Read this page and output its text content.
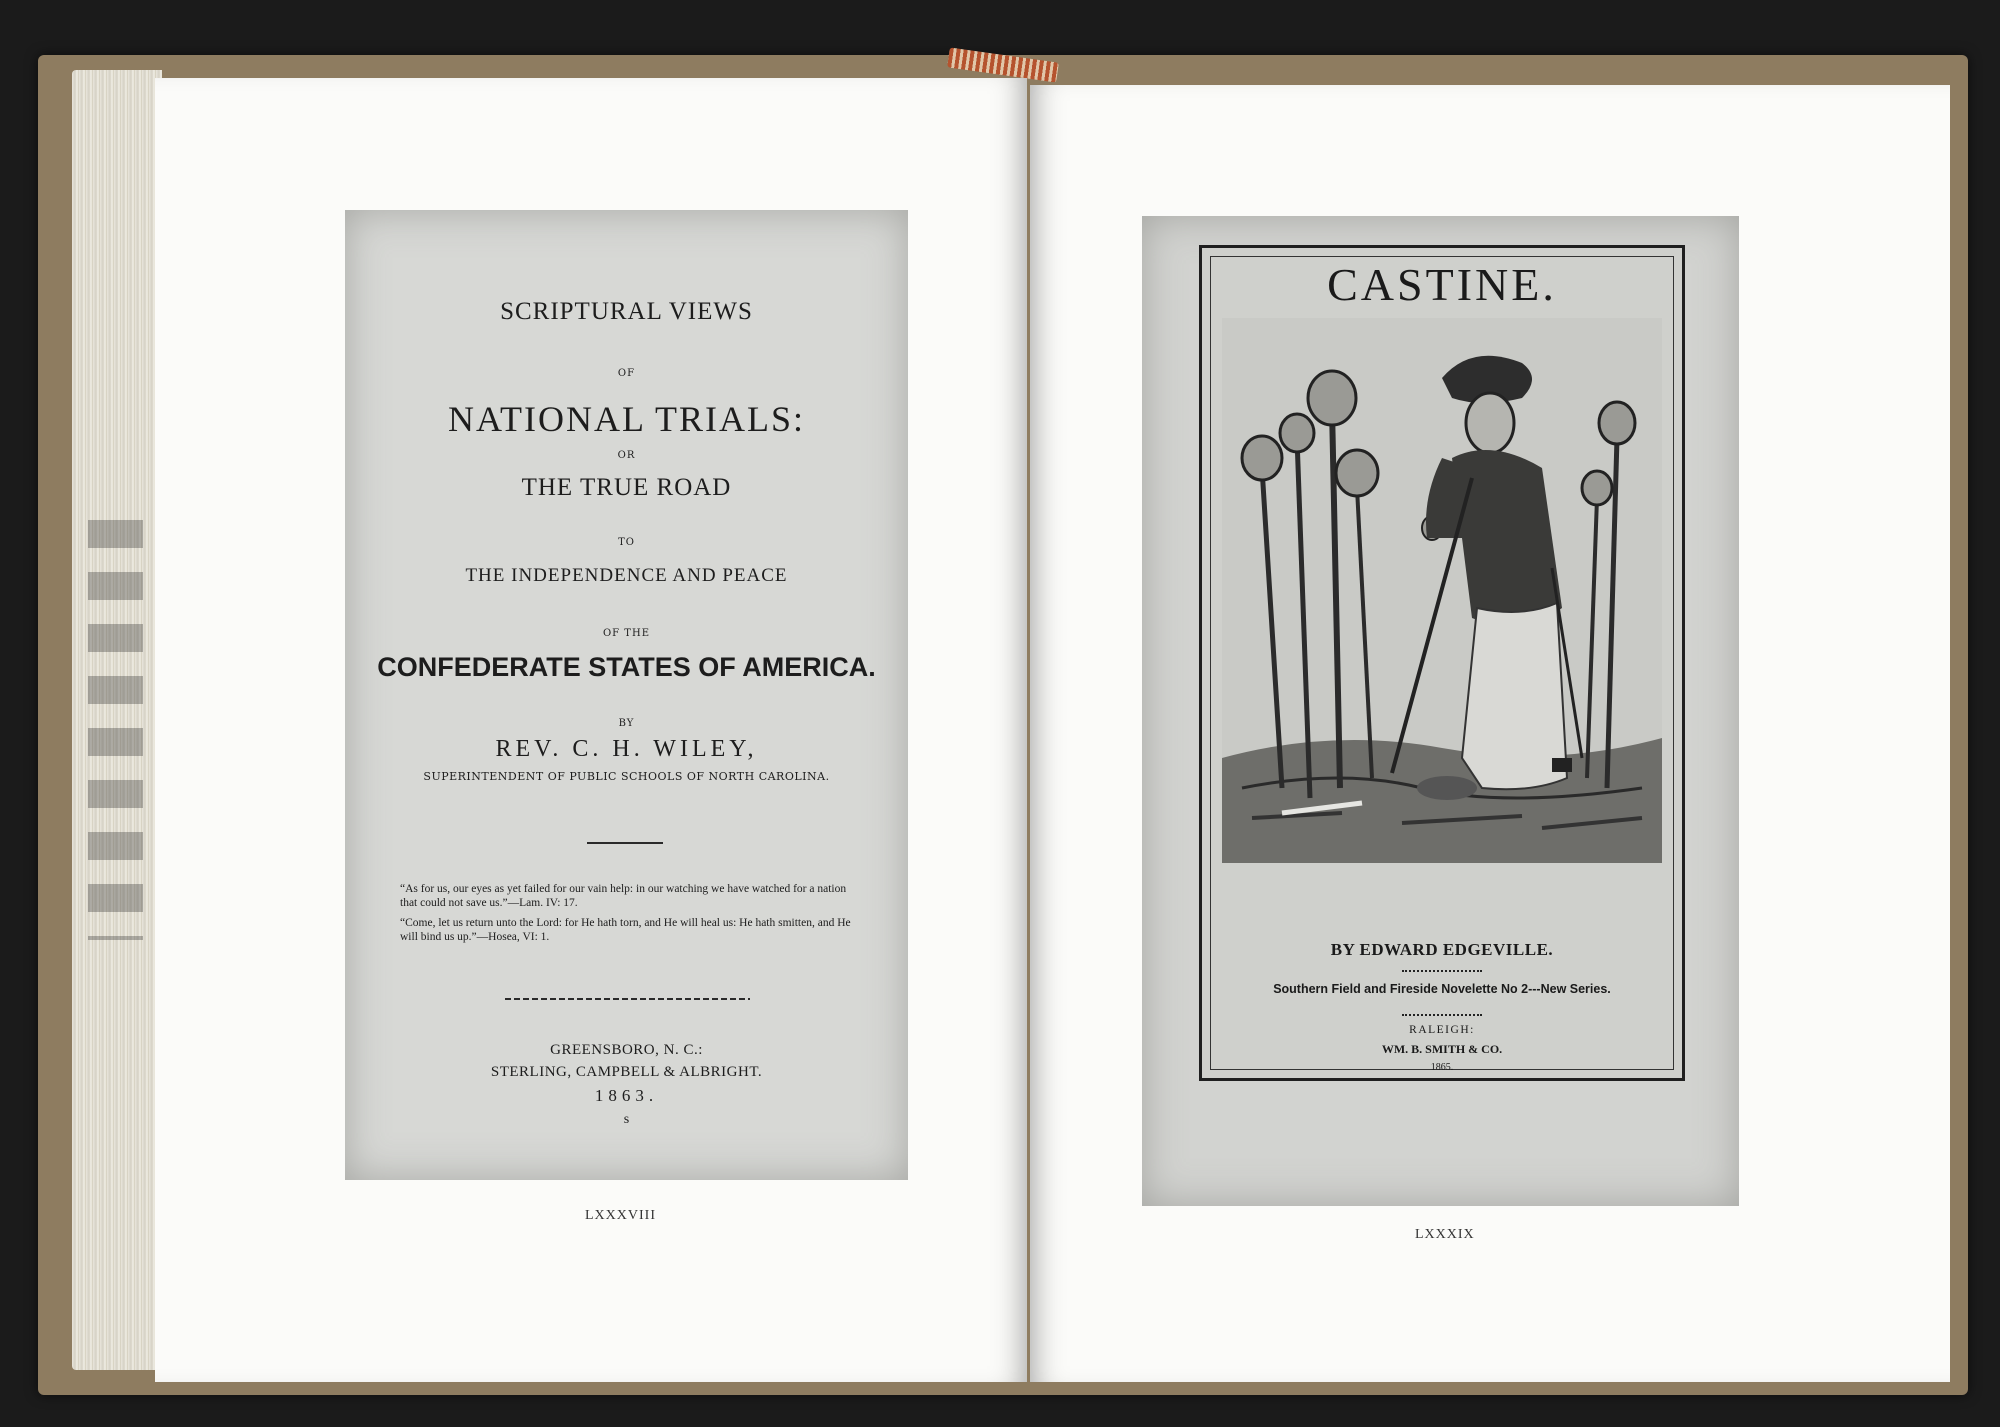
SCRIPTURAL VIEWS
OF
NATIONAL TRIALS:
OR
THE TRUE ROAD
TO
THE INDEPENDENCE AND PEACE
OF THE
CONFEDERATE STATES OF AMERICA.
BY
REV. C. H. WILEY,
SUPERINTENDENT OF PUBLIC SCHOOLS OF NORTH CAROLINA.
“As for us, our eyes as yet failed for our vain help: in our watching we have watched for a nation that could not save us.”—Lam. IV: 17.
“Come, let us return unto the Lord: for He hath torn, and He will heal us: He hath smitten, and He will bind us up.”—Hosea, VI: 1.
GREENSBORO, N. C.:
STERLING, CAMPBELL & ALBRIGHT.
1863.
s
LXXXVIII
CASTINE.
BY EDWARD EDGEVILLE.
Southern Field and Fireside Novelette No 2---New Series.
RALEIGH:
WM. B. SMITH & CO.
1865.
LXXXIX
